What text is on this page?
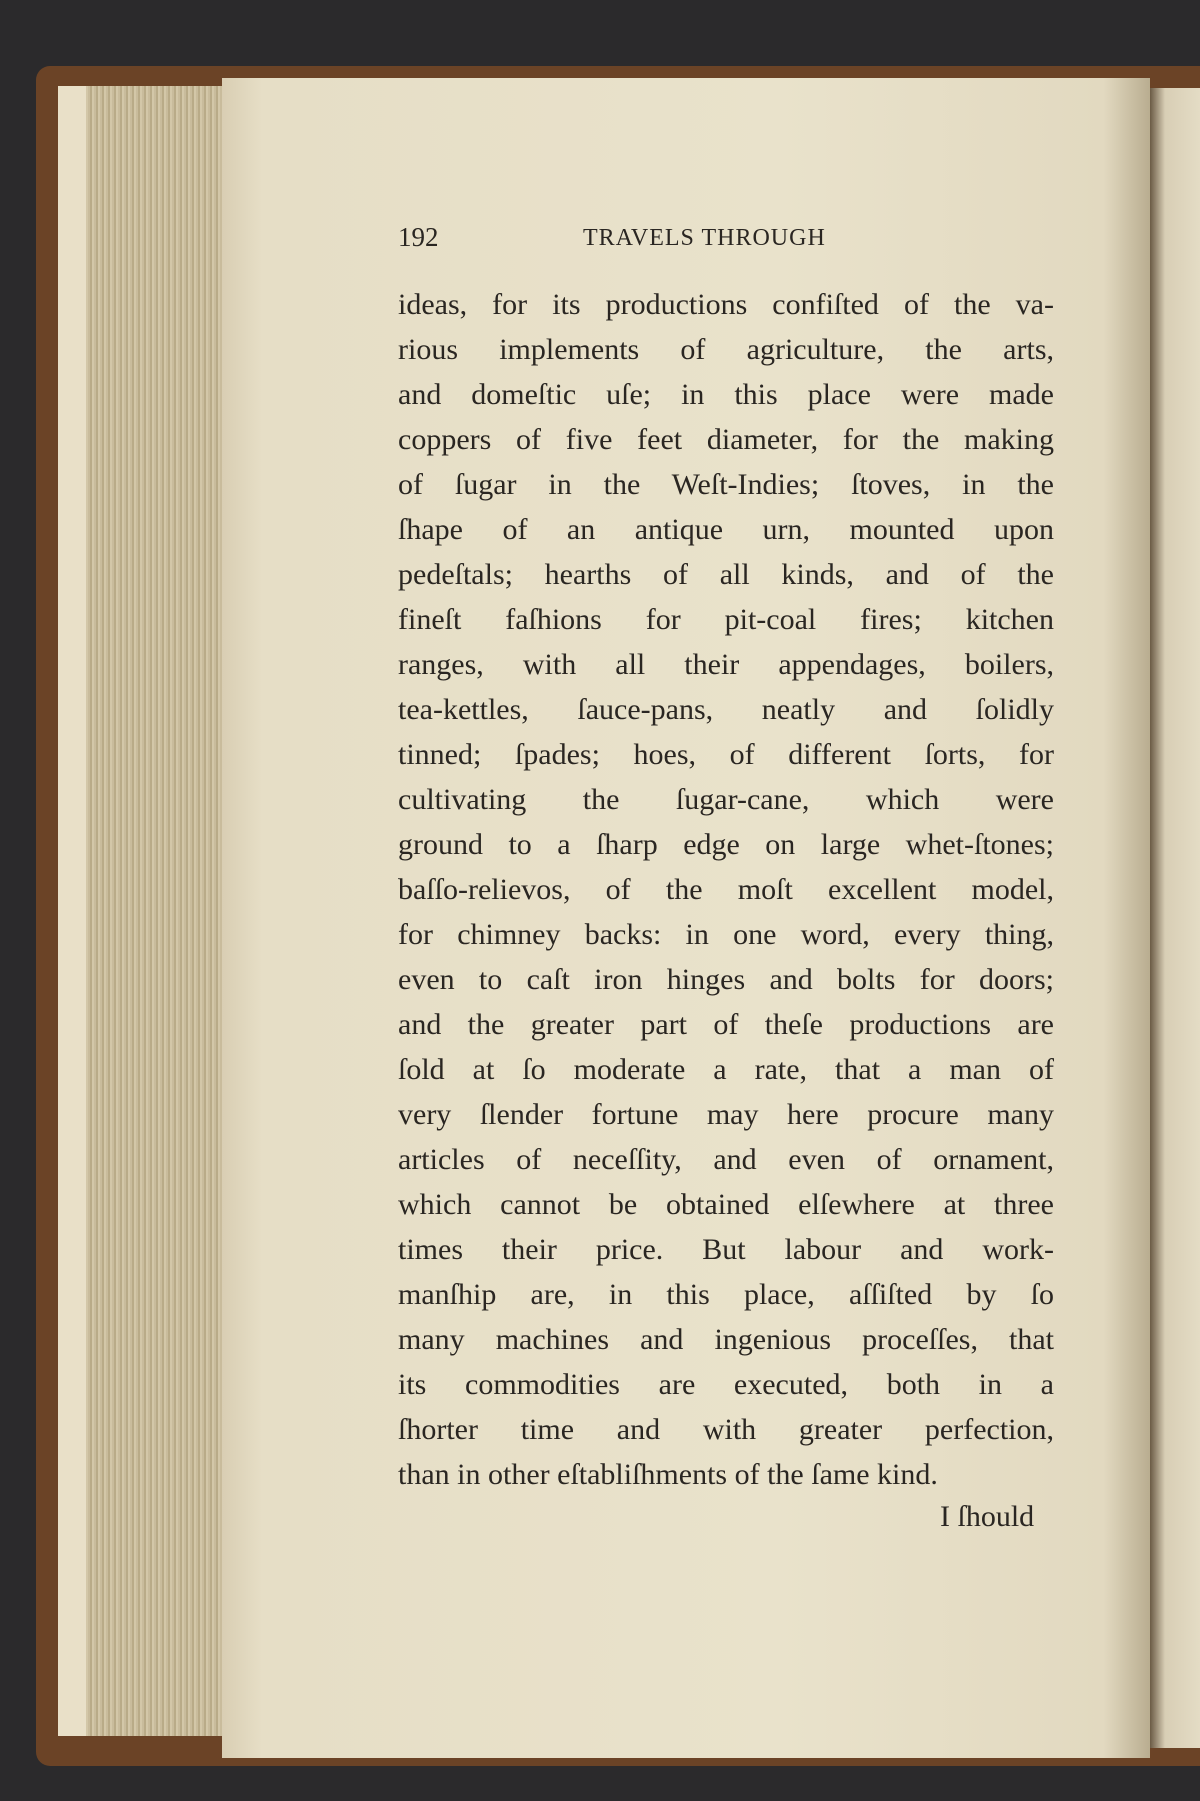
192	TRAVELS THROUGH
ideas, for its productions confiſted of the va-
rious implements of agriculture, the arts,
and domeſtic uſe; in this place were made
coppers of five feet diameter, for the making
of ſugar in the Weſt-Indies; ſtoves, in the
ſhape of an antique urn, mounted upon
pedeſtals; hearths of all kinds, and of the
fineſt faſhions for pit-coal fires; kitchen
ranges, with all their appendages, boilers,
tea-kettles, ſauce-pans, neatly and ſolidly
tinned; ſpades; hoes, of different ſorts, for
cultivating the ſugar-cane, which were
ground to a ſharp edge on large whet-ſtones;
baſſo-relievos, of the moſt excellent model,
for chimney backs: in one word, every thing,
even to caſt iron hinges and bolts for doors;
and the greater part of theſe productions are
ſold at ſo moderate a rate, that a man of
very ſlender fortune may here procure many
articles of neceſſity, and even of ornament,
which cannot be obtained elſewhere at three
times their price. But labour and work-
manſhip are, in this place, aſſiſted by ſo
many machines and ingenious proceſſes, that
its commodities are executed, both in a
ſhorter time and with greater perfection,
than in other eſtabliſhments of the ſame kind.
I ſhould
